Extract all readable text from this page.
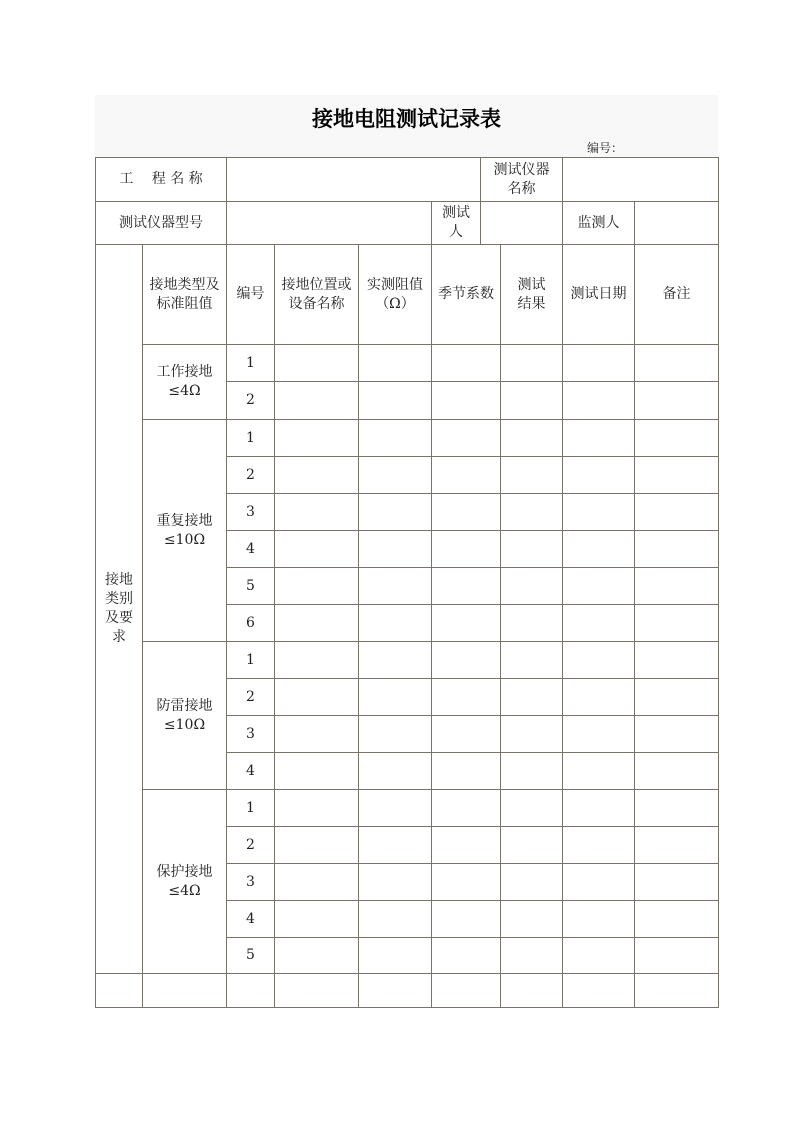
接地电阻测试记录表
编号：
工　 程 名 称
测试仪器
名称
测试仪器型号
测试
人
监测人
接地类型及
标准阻值
编号
接地位置或
设备名称
实测阻值
（Ω）
季节系数
测试
结果
测试日期	备注
1
2
工作接地
≤4Ω
1
2
3
4
5
6
重复接地
≤10Ω
1
2
3
4
防雷接地
≤10Ω
1
2
3
4
5
保护接地
≤4Ω
接地
类别
及要
求
